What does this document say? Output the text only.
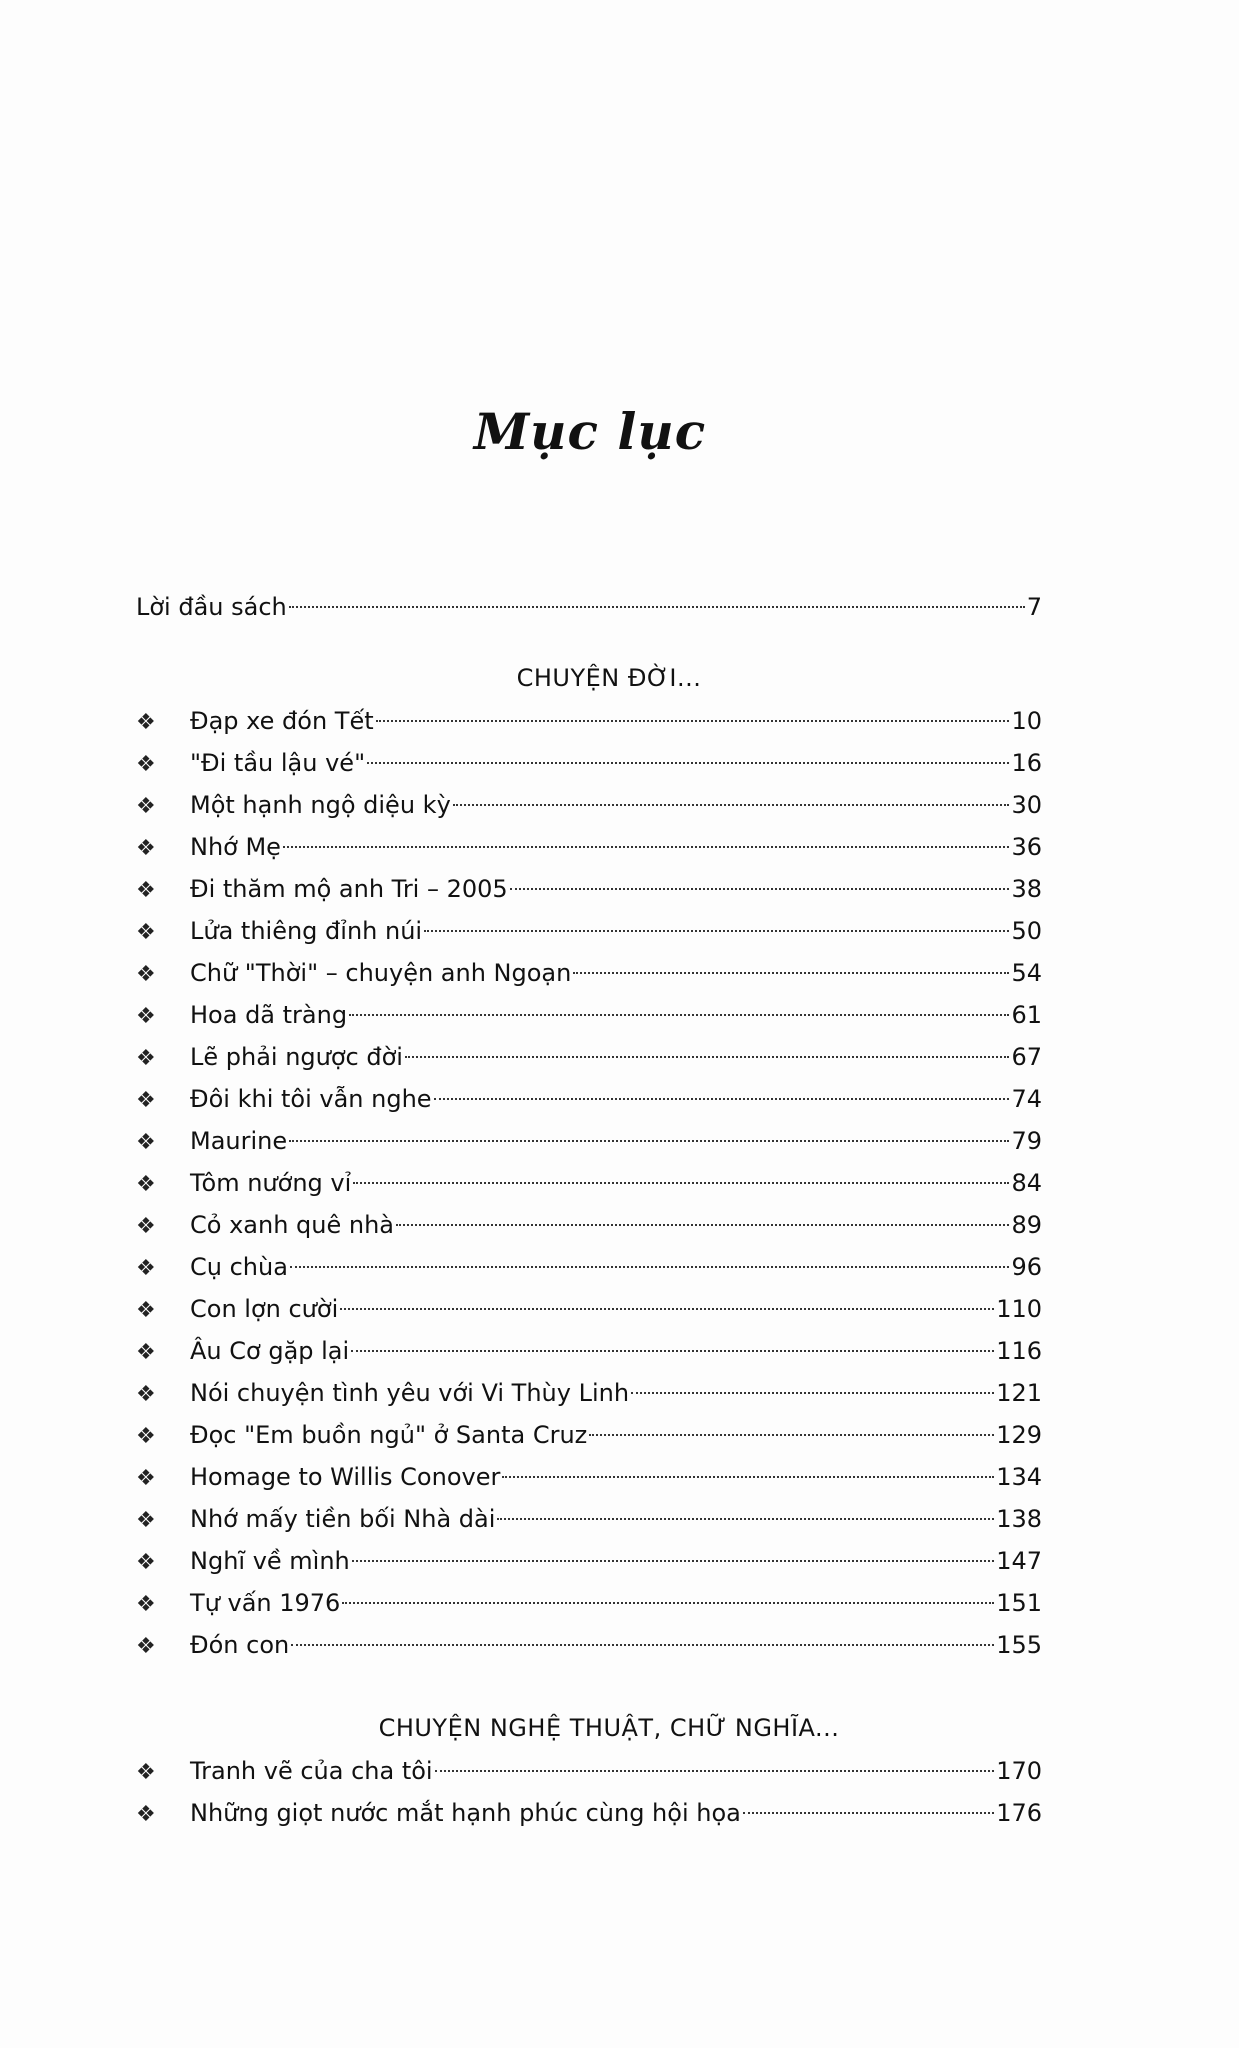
Mục lục
Lời đầu sách	7
CHUYỆN ĐỜI...
❖	Đạp xe đón Tết	10
❖	"Đi tầu lậu vé"	16
❖	Một hạnh ngộ diệu kỳ	30
❖	Nhớ Mẹ	36
❖	Đi thăm mộ anh Tri – 2005	38
❖	Lửa thiêng đỉnh núi	50
❖	Chữ "Thời" – chuyện anh Ngoạn	54
❖	Hoa dã tràng	61
❖	Lẽ phải ngược đời	67
❖	Đôi khi tôi vẫn nghe	74
❖	Maurine	79
❖	Tôm nướng vỉ	84
❖	Cỏ xanh quê nhà	89
❖	Cụ chùa	96
❖	Con lợn cười	110
❖	Âu Cơ gặp lại	116
❖	Nói chuyện tình yêu với Vi Thùy Linh	121
❖	Đọc "Em buồn ngủ" ở Santa Cruz	129
❖	Homage to Willis Conover	134
❖	Nhớ mấy tiền bối Nhà dài	138
❖	Nghĩ về mình	147
❖	Tự vấn 1976	151
❖	Đón con	155
CHUYỆN NGHỆ THUẬT, CHỮ NGHĨA...
❖	Tranh vẽ của cha tôi	170
❖	Những giọt nước mắt hạnh phúc cùng hội họa	176
